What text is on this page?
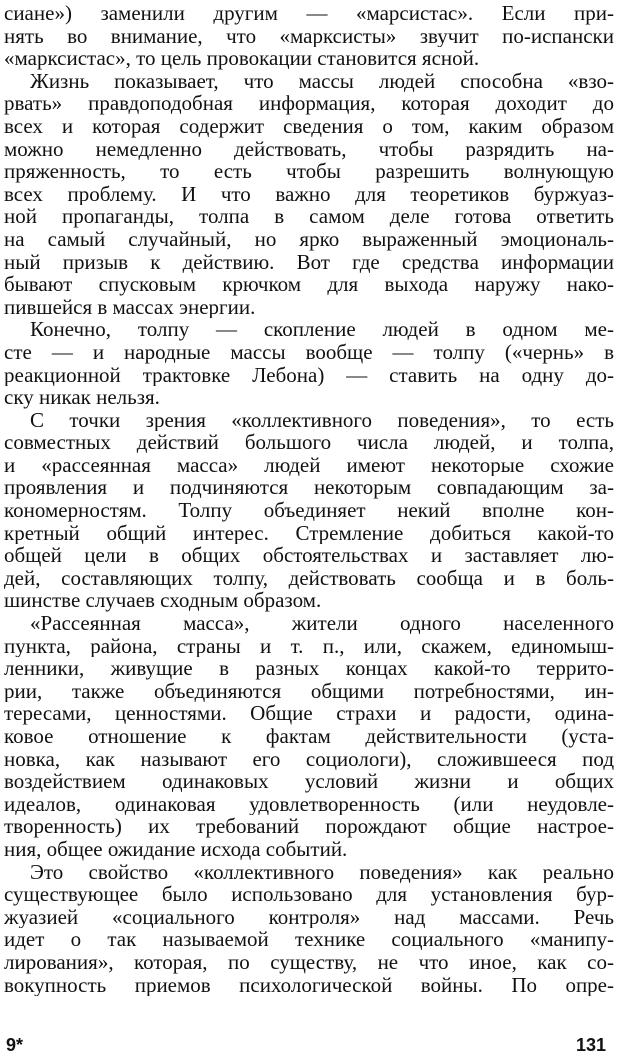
сиане») заменили другим — «марсистас». Если при-
нять во внимание, что «марксисты» звучит по-испански
«марксистас», то цель провокации становится ясной.
Жизнь показывает, что массы людей способна «взо-
рвать» правдоподобная информация, которая доходит до
всех и которая содержит сведения о том, каким образом
можно немедленно действовать, чтобы разрядить на-
пряженность, то есть чтобы разрешить волнующую
всех проблему. И что важно для теоретиков буржуаз-
ной пропаганды, толпа в самом деле готова ответить
на самый случайный, но ярко выраженный эмоциональ-
ный призыв к действию. Вот где средства информации
бывают спусковым крючком для выхода наружу нако-
пившейся в массах энергии.
Конечно, толпу — скопление людей в одном ме-
сте — и народные массы вообще — толпу («чернь» в
реакционной трактовке Лебона) — ставить на одну до-
ску никак нельзя.
С точки зрения «коллективного поведения», то есть
совместных действий большого числа людей, и толпа,
и «рассеянная масса» людей имеют некоторые схожие
проявления и подчиняются некоторым совпадающим за-
кономерностям. Толпу объединяет некий вполне кон-
кретный общий интерес. Стремление добиться какой-то
общей цели в общих обстоятельствах и заставляет лю-
дей, составляющих толпу, действовать сообща и в боль-
шинстве случаев сходным образом.
«Рассеянная масса», жители одного населенного
пункта, района, страны и т. п., или, скажем, единомыш-
ленники, живущие в разных концах какой-то террито-
рии, также объединяются общими потребностями, ин-
тересами, ценностями. Общие страхи и радости, одина-
ковое отношение к фактам действительности (уста-
новка, как называют его социологи), сложившееся под
воздействием одинаковых условий жизни и общих
идеалов, одинаковая удовлетворенность (или неудовле-
творенность) их требований порождают общие настрое-
ния, общее ожидание исхода событий.
Это свойство «коллективного поведения» как реально
существующее было использовано для установления бур-
жуазией «социального контроля» над массами. Речь
идет о так называемой технике социального «манипу-
лирования», которая, по существу, не что иное, как со-
вокупность приемов психологической войны. По опре-
9*	131
